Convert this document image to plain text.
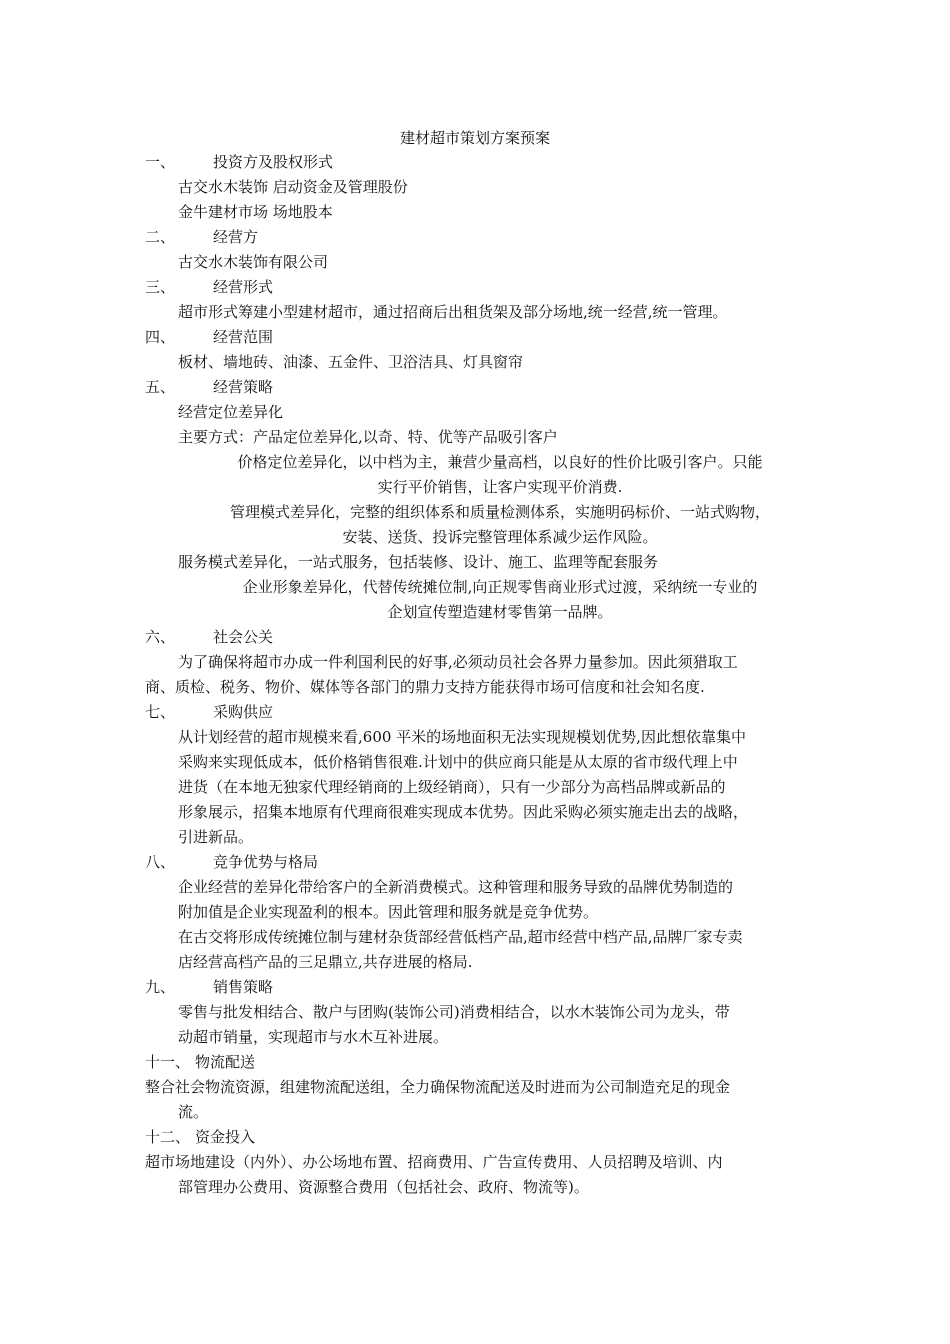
建材超市策划方案预案
一、	投资方及股权形式
古交水木装饰 启动资金及管理股份
金牛建材市场 场地股本
二、	经营方
古交水木装饰有限公司
三、	经营形式
超市形式筹建小型建材超市，通过招商后出租货架及部分场地,统一经营,统一管理。
四、	经营范围
板材、墙地砖、油漆、五金件、卫浴洁具、灯具窗帘
五、	经营策略
经营定位差异化
主要方式：产品定位差异化,以奇、特、优等产品吸引客户
价格定位差异化，以中档为主，兼营少量高档，以良好的性价比吸引客户。只能
实行平价销售，让客户实现平价消费.
管理模式差异化，完整的组织体系和质量检测体系，实施明码标价、一站式购物，
安装、送货、投诉完整管理体系减少运作风险。
服务模式差异化，一站式服务，包括装修、设计、施工、监理等配套服务
企业形象差异化，代替传统摊位制,向正规零售商业形式过渡，采纳统一专业的
企划宣传塑造建材零售第一品牌。
六、	社会公关
为了确保将超市办成一件利国利民的好事,必须动员社会各界力量参加。因此须猎取工
商、质检、税务、物价、媒体等各部门的鼎力支持方能获得市场可信度和社会知名度.
七、	采购供应
从计划经营的超市规模来看,600 平米的场地面积无法实现规模划优势,因此想依靠集中
采购来实现低成本，低价格销售很难.计划中的供应商只能是从太原的省市级代理上中
进货（在本地无独家代理经销商的上级经销商），只有一少部分为高档品牌或新品的
形象展示，招集本地原有代理商很难实现成本优势。因此采购必须实施走出去的战略，
引进新品。
八、	竞争优势与格局
企业经营的差异化带给客户的全新消费模式。这种管理和服务导致的品牌优势制造的
附加值是企业实现盈利的根本。因此管理和服务就是竞争优势。
在古交将形成传统摊位制与建材杂货部经营低档产品,超市经营中档产品,品牌厂家专卖
店经营高档产品的三足鼎立,共存进展的格局.
九、	销售策略
零售与批发相结合、散户与团购(装饰公司)消费相结合，以水木装饰公司为龙头，带
动超市销量，实现超市与水木互补进展。
十一、 物流配送
整合社会物流资源，组建物流配送组，全力确保物流配送及时进而为公司制造充足的现金
流。
十二、 资金投入
超市场地建设（内外）、办公场地布置、招商费用、广告宣传费用、人员招聘及培训、内
部管理办公费用、资源整合费用（包括社会、政府、物流等)。
